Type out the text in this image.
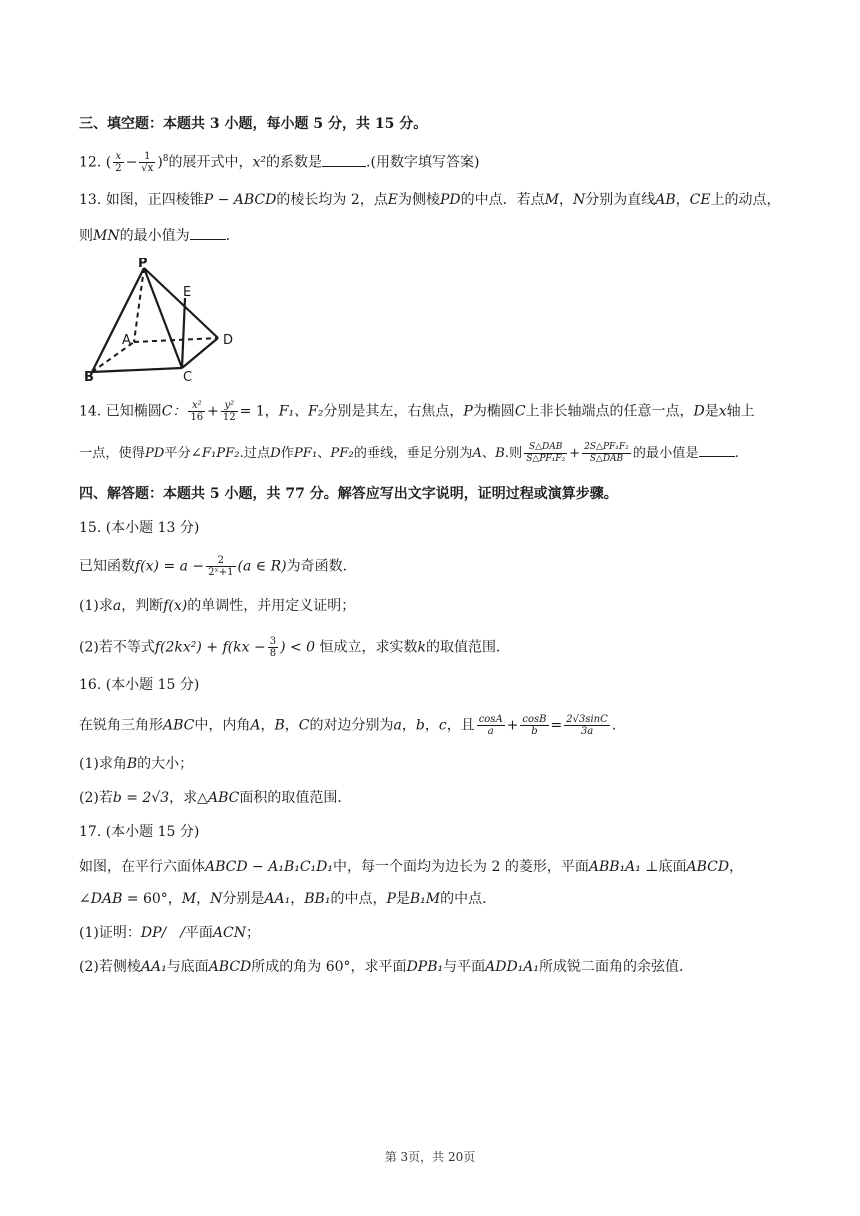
三、填空题：本题共 3 小题，每小题 5 分，共 15 分。
12. ( $\frac{x}{2} - \frac{1}{√x} )^8$的展开式中，x²的系数是	.(用数字填写答案)
13. 如图，正四棱锥P − ABCD的棱长均为 2，点E为侧棱PD的中点．若点M，N分别为直线AB，CE上的动点，
则MN的最小值为	.
P
E
A	D
B	C
14. 已知椭圆C： $\frac{\text{x²}}{16} + \frac{\text{y²}}{12} = 1$，F₁、F₂分别是其左，右焦点，P为椭圆C上非长轴端点的任意一点，D是x轴上
一点，使得PD平分∠F₁PF₂.过点D作PF₁、PF₂的垂线，垂足分别为A、B.则 $\frac{\text{S△DAB}}{\text{S△PF₁F₂}} + \frac{\text{2S△PF₁F₂}}{\text{S△DAB}}$ 的最小值是	.
四、解答题：本题共 5 小题，共 77 分。解答应写出文字说明，证明过程或演算步骤。
15. (本小题 13 分)
已知函数$f(x) = a - \frac{2}{\text{2ˣ+1}} (a$ ∈ R)为奇函数．
(1)求a，判断f(x)的单调性，并用定义证明；
(2)若不等式$f(2kx^2) + f(kx - \frac{3}{8}$ ) < 0 恒成立，求实数k的取值范围．
16. (本小题 15 分)
在锐角三角形ABC中，内角A，B，C的对边分别为a，b，c，且 $\frac{\cos A}{a} + \frac{\cos B}{b} = \frac{2√3\sin C}{3a}$ .
(1)求角B的大小；
(2)若b = 2√3，求△ABC面积的取值范围．
17. (本小题 15 分)
如图，在平行六面体ABCD − A₁B₁C₁D₁中，每一个面均为边长为 2 的菱形，平面ABB₁A₁ ⊥底面ABCD，
∠DAB = 60°，M，N分别是AA₁，BB₁的中点，P是B₁M的中点．
(1)证明：DP/　/平面ACN；
(2)若侧棱AA₁与底面ABCD所成的角为 60°，求平面DPB₁与平面ADD₁A₁所成锐二面角的余弦值．
第 3页，共 20页
